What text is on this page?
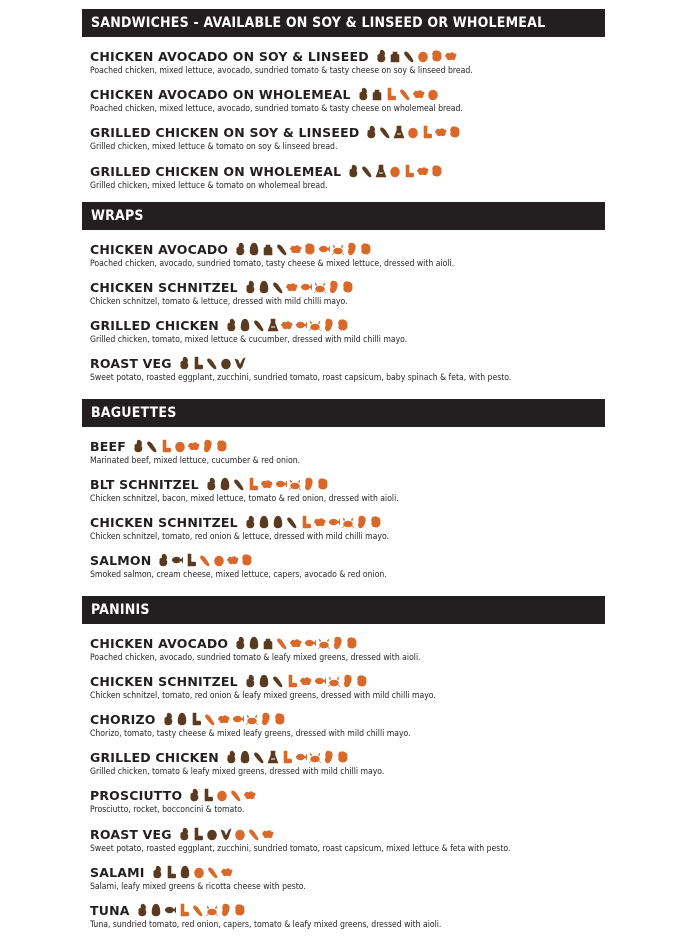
SANDWICHES - AVAILABLE ON SOY & LINSEED OR WHOLEMEAL
WRAPS
BAGUETTES
PANINIS
CHICKEN AVOCADO ON SOY & LINSEED
Poached chicken, mixed lettuce, avocado, sundried tomato & tasty cheese on soy & linseed bread.
CHICKEN AVOCADO ON WHOLEMEAL
Poached chicken, mixed lettuce, avocado, sundried tomato & tasty cheese on wholemeal bread.
GRILLED CHICKEN ON SOY & LINSEED
Grilled chicken, mixed lettuce & tomato on soy & linseed bread.
GRILLED CHICKEN ON WHOLEMEAL
Grilled chicken, mixed lettuce & tomato on wholemeal bread.
CHICKEN AVOCADO
Poached chicken, avocado, sundried tomato, tasty cheese & mixed lettuce, dressed with aioli.
CHICKEN SCHNITZEL
Chicken schnitzel, tomato & lettuce, dressed with mild chilli mayo.
GRILLED CHICKEN
Grilled chicken, tomato, mixed lettuce & cucumber, dressed with mild chilli mayo.
ROAST VEG
Sweet potato, roasted eggplant, zucchini, sundried tomato, roast capsicum, baby spinach & feta, with pesto.
BEEF
Marinated beef, mixed lettuce, cucumber & red onion.
BLT SCHNITZEL
Chicken schnitzel, bacon, mixed lettuce, tomato & red onion, dressed with aioli.
CHICKEN SCHNITZEL
Chicken schnitzel, tomato, red onion & lettuce, dressed with mild chilli mayo.
SALMON
Smoked salmon, cream cheese, mixed lettuce, capers, avocado & red onion.
CHICKEN AVOCADO
Poached chicken, avocado, sundried tomato & leafy mixed greens, dressed with aioli.
CHICKEN SCHNITZEL
Chicken schnitzel, tomato, red onion & leafy mixed greens, dressed with mild chilli mayo.
CHORIZO
Chorizo, tomato, tasty cheese & mixed leafy greens, dressed with mild chilli mayo.
GRILLED CHICKEN
Grilled chicken, tomato & leafy mixed greens, dressed with mild chilli mayo.
PROSCIUTTO
Prosciutto, rocket, bocconcini & tomato.
ROAST VEG
Sweet potato, roasted eggplant, zucchini, sundried tomato, roast capsicum, mixed lettuce & feta with pesto.
SALAMI
Salami, leafy mixed greens & ricotta cheese with pesto.
TUNA
Tuna, sundried tomato, red onion, capers, tomato & leafy mixed greens, dressed with aioli.
